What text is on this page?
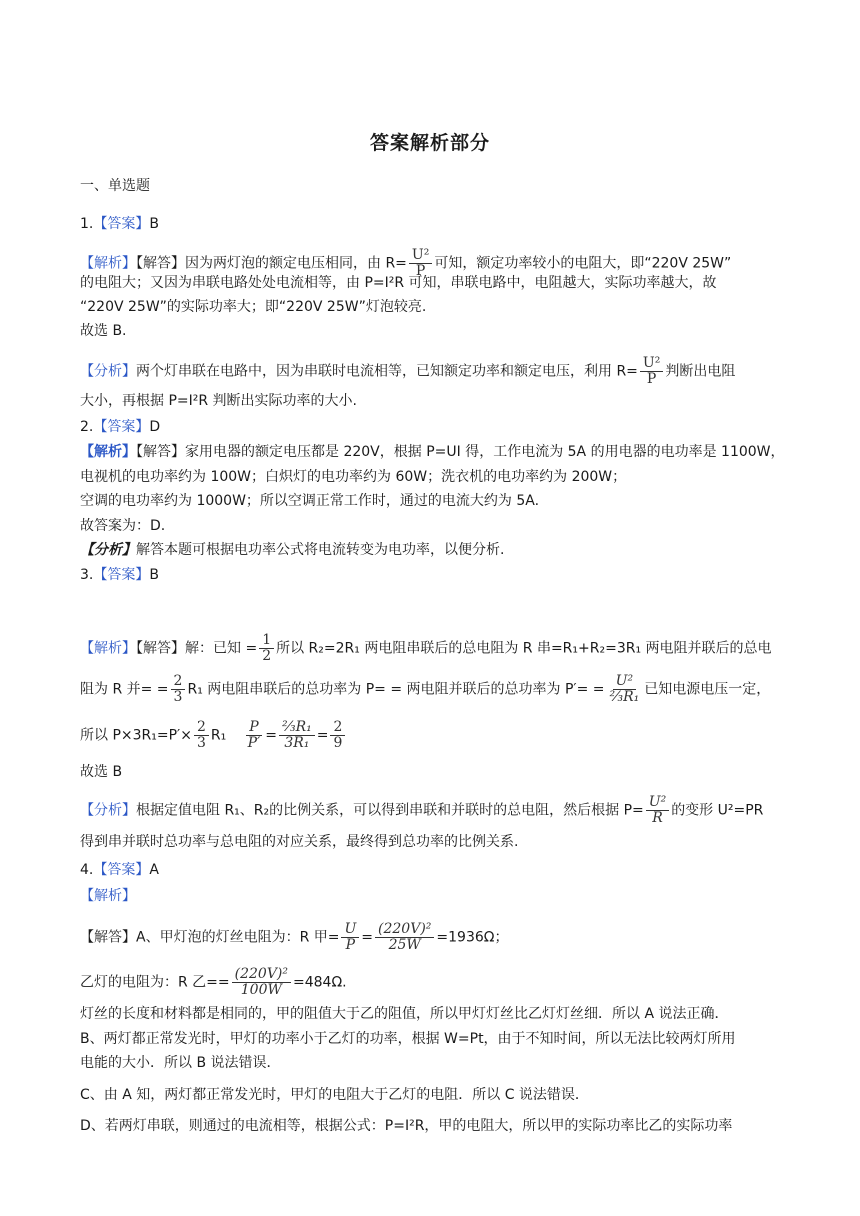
答案解析部分
一、单选题
1.【答案】B
【解析】【解答】因为两灯泡的额定电压相同，由 $R= \frac{\text{U²}}{P}$ 可知，额定功率较小的电阻大，即“220V 25W”
的电阻大；又因为串联电路处处电流相等，由 P=I²R 可知，串联电路中，电阻越大，实际功率越大，故
“220V 25W”的实际功率大；即“220V 25W”灯泡较亮.
故选 B.
【分析】两个灯串联在电路中，因为串联时电流相等，已知额定功率和额定电压，利用 $R= \frac{\text{U²}}{P}$ 判断出电阻
大小，再根据 P=I²R 判断出实际功率的大小.
2.【答案】D
【解析】【解答】家用电器的额定电压都是 220V，根据 P=UI 得，工作电流为 5A 的用电器的电功率是 1100W，
电视机的电功率约为 100W；白炽灯的电功率约为 60W；洗衣机的电功率约为 200W；
空调的电功率约为 1000W；所以空调正常工作时，通过的电流大约为 5A.
故答案为：D.
【分析】解答本题可根据电功率公式将电流转变为电功率，以便分析.
3.【答案】B
【解析】【解答】解：已知 = $\frac{1}{2}$ 所以 R₂=2R₁ 两电阻串联后的总电阻为 R 串=R₁+R₂=3R₁ 两电阻并联后的总电
阻为 R 并= = $\frac{2}{3} R_1$ 两电阻串联后的总功率为 P= = 两电阻并联后的总功率为 $P'= = \frac{\text{U²}}{\text{⅔R₁}}$ 已知电源电压一定，
所以 $P\times 3R_1=P'\times \frac{2}{3} R_1 \frac{P}{P'} = \frac{\text{⅔R₁}}{\text{3R₁}} = \frac{2}{9}$
故选 B
【分析】根据定值电阻 R₁、R₂的比例关系，可以得到串联和并联时的总电阻，然后根据 $P= \frac{\text{U²}}{R}$ 的变形 U²=PR
得到串并联时总功率与总电阻的对应关系，最终得到总功率的比例关系.
4.【答案】A
【解析】
【解答】A、甲灯泡的灯丝电阻为：R 甲= $\frac{U}{P} = \frac{\text{(220V)²}}{25W} =1936\Omega$；
乙灯的电阻为：R 乙== $\frac{\text{(220V)²}}{100W} =484\Omega$.
灯丝的长度和材料都是相同的，甲的阻值大于乙的阻值，所以甲灯灯丝比乙灯灯丝细．所以 A 说法正确．
B、两灯都正常发光时，甲灯的功率小于乙灯的功率，根据 W=Pt，由于不知时间，所以无法比较两灯所用
电能的大小．所以 B 说法错误．
C、由 A 知，两灯都正常发光时，甲灯的电阻大于乙灯的电阻．所以 C 说法错误．
D、若两灯串联，则通过的电流相等，根据公式：P=I²R，甲的电阻大，所以甲的实际功率比乙的实际功率
